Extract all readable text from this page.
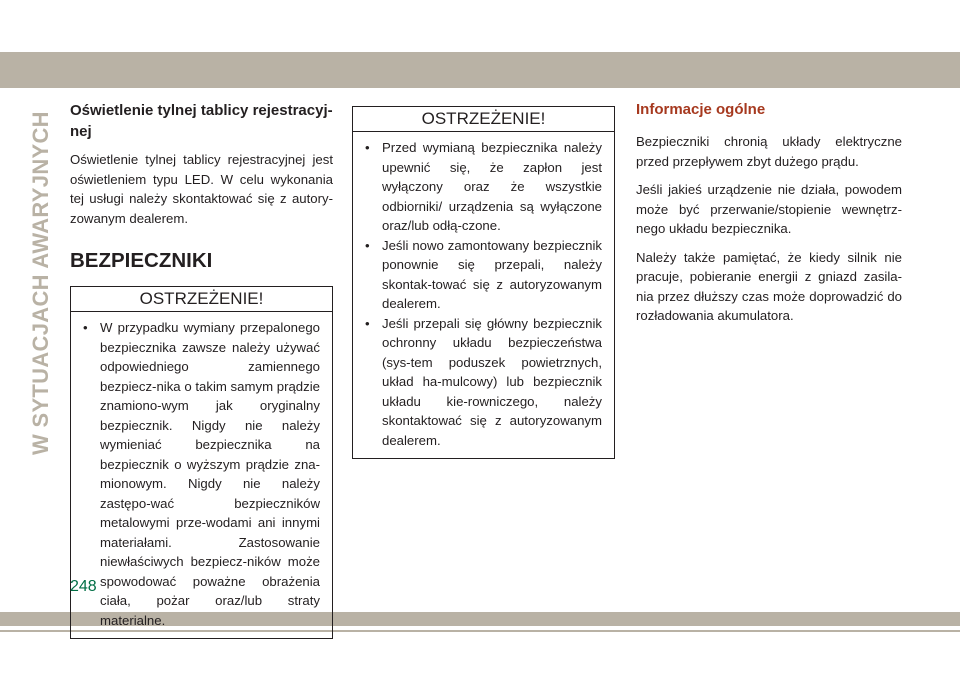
W SYTUACJACH AWARYJNYCH
Oświetlenie tylnej tablicy rejestracyj-nej
Oświetlenie tylnej tablicy rejestracyjnej jest oświetleniem typu LED. W celu wykonania tej usługi należy skontaktować się z autory-zowanym dealerem.
BEZPIECZNIKI
OSTRZEŻENIE!
• W przypadku wymiany przepalonego bezpiecznika zawsze należy używać odpowiedniego zamiennego bezpiecz-nika o takim samym prądzie znamiono-wym jak oryginalny bezpiecznik. Nigdy nie należy wymieniać bezpiecznika na bezpiecznik o wyższym prądzie zna-mionowym. Nigdy nie należy zastępo-wać bezpieczników metalowymi prze-wodami ani innymi materiałami. Zastosowanie niewłaściwych bezpiecz-ników może spowodować poważne obrażenia ciała, pożar oraz/lub straty materialne.
OSTRZEŻENIE!
• Przed wymianą bezpiecznika należy upewnić się, że zapłon jest wyłączony oraz że wszystkie odbiorniki/ urządzenia są wyłączone oraz/lub odłą-czone.
• Jeśli nowo zamontowany bezpiecznik ponownie się przepali, należy skontak-tować się z autoryzowanym dealerem.
• Jeśli przepali się główny bezpiecznik ochronny układu bezpieczeństwa (sys-tem poduszek powietrznych, układ ha-mulcowy) lub bezpiecznik układu kie-rowniczego, należy skontaktować się z autoryzowanym dealerem.
Informacje ogólne
Bezpieczniki chronią układy elektryczne przed przepływem zbyt dużego prądu.
Jeśli jakieś urządzenie nie działa, powodem może być przerwanie/stopienie wewnętrz-nego układu bezpiecznika.
Należy także pamiętać, że kiedy silnik nie pracuje, pobieranie energii z gniazd zasila-nia przez dłuższy czas może doprowadzić do rozładowania akumulatora.
248
